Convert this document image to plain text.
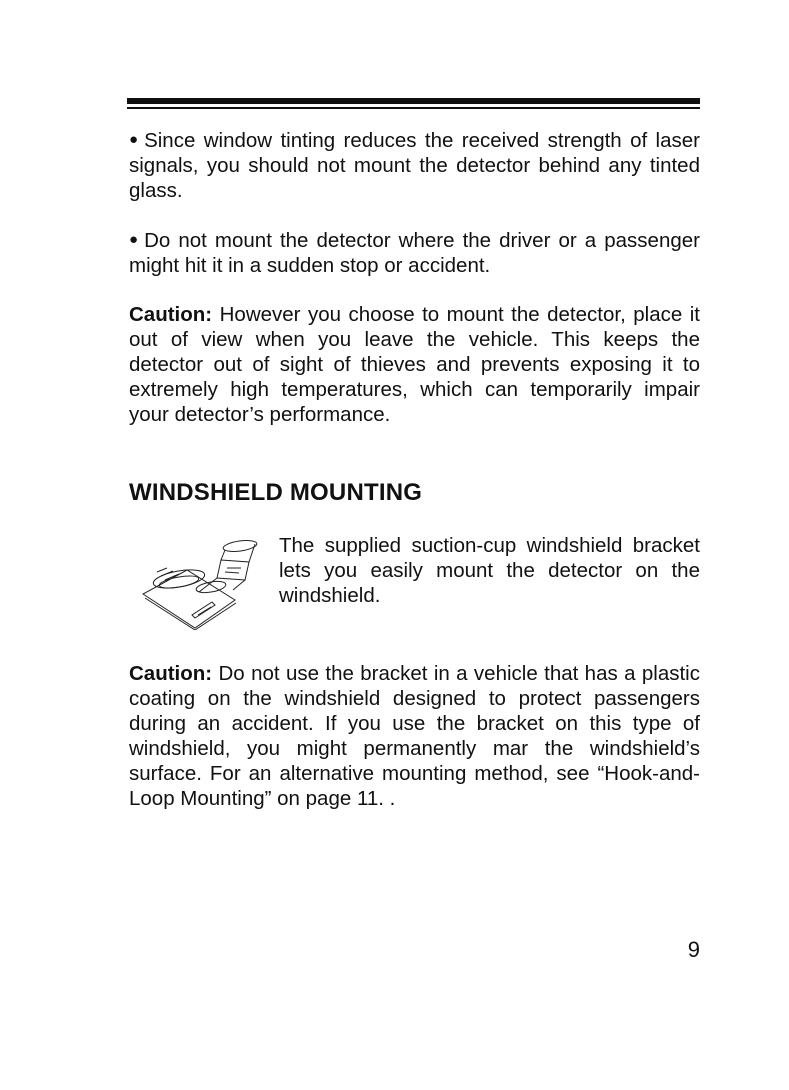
● Since window tinting reduces the received strength of laser signals, you should not mount the detector behind any tinted glass.

● Do not mount the detector where the driver or a passenger might hit it in a sudden stop or accident.

Caution: However you choose to mount the detector, place it out of view when you leave the vehicle. This keeps the detector out of sight of thieves and prevents exposing it to extremely high temperatures, which can temporarily impair your detector’s performance.

WINDSHIELD MOUNTING

The supplied suction-cup windshield bracket lets you easily mount the detector on the windshield.

Caution: Do not use the bracket in a vehicle that has a plastic coating on the windshield designed to protect passengers during an accident. If you use the bracket on this type of windshield, you might permanently mar the windshield’s surface. For an alternative mounting method, see “Hook-and-Loop Mounting” on page 11. .

9
